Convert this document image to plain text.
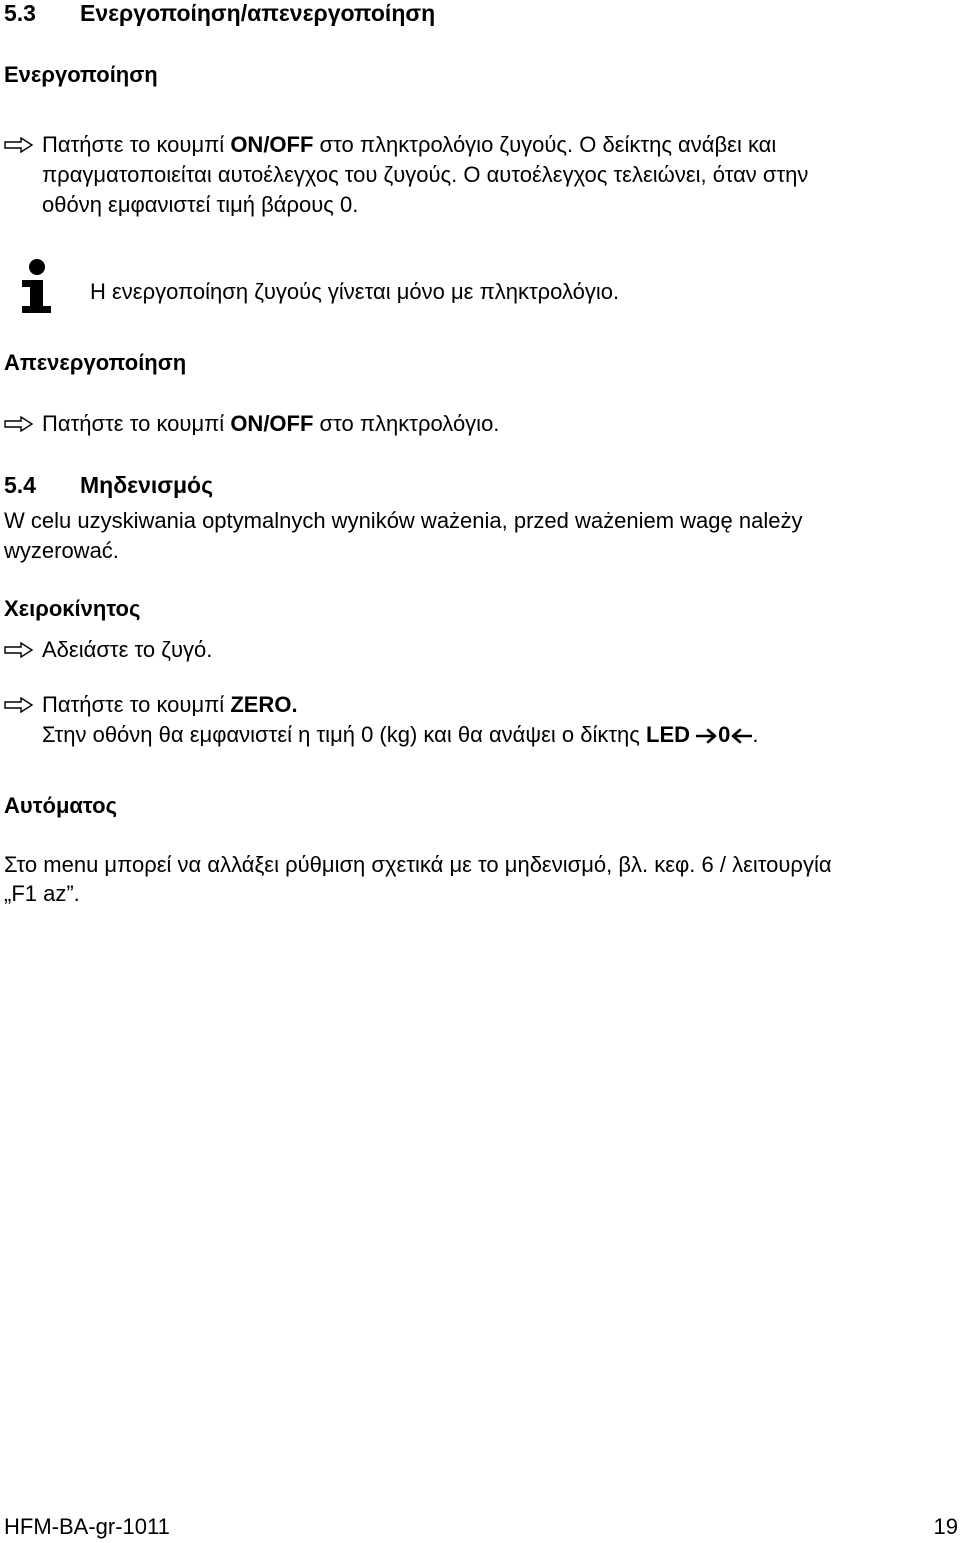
5.3 Ενεργοποίηση/απενεργοποίηση
Ενεργοποίηση
Πατήστε το κουμπί ON/OFF στο πληκτρολόγιο ζυγούς. Ο δείκτης ανάβει και
πραγματοποιείται αυτοέλεγχος του ζυγούς. Ο αυτοέλεγχος τελειώνει, όταν στην
οθόνη εμφανιστεί τιμή βάρους 0.
Η ενεργοποίηση ζυγούς γίνεται μόνο με πληκτρολόγιο.
Απενεργοποίηση
Πατήστε το κουμπί ON/OFF στο πληκτρολόγιο.
5.4 Μηδενισμός
W celu uzyskiwania optymalnych wyników ważenia, przed ważeniem wagę należy
wyzerować.
Χειροκίνητος
Αδειάστε το ζυγό.
Πατήστε το κουμπί ZERO.
Στην οθόνη θα εμφανιστεί η τιμή 0 (kg) και θα ανάψει ο δίκτης LED 0 .
Αυτόματος
Στο menu μπορεί να αλλάξει ρύθμιση σχετικά με το μηδενισμό, βλ. κεφ. 6 / λειτουργία
„F1 az”.
HFM-BA-gr-1011	19
